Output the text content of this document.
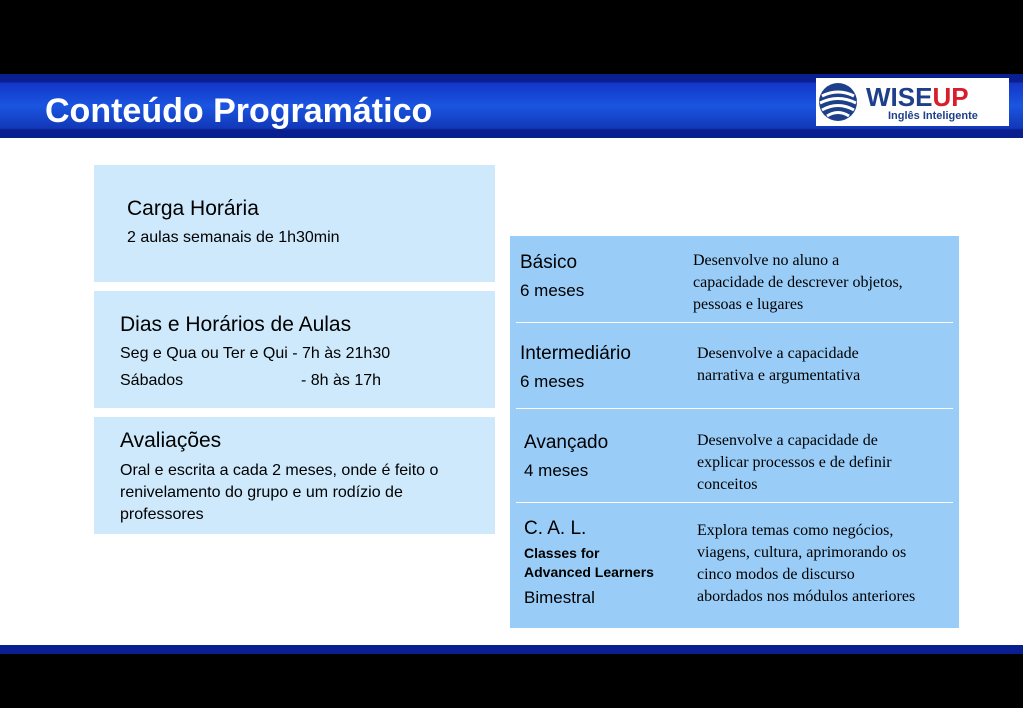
Conteúdo Programático	WISEUP
Inglês Inteligente
Carga Horária
2 aulas semanais de 1h30min
Dias e Horários de Aulas
Seg e Qua ou Ter e Qui - 7h às 21h30
Sábados	- 8h às 17h
Avaliações
Oral e escrita a cada 2 meses, onde é feito o
renivelamento do grupo e um rodízio de
professores
Básico
6 meses
Desenvolve no aluno a
capacidade de descrever objetos,
pessoas e lugares
Intermediário
6 meses
Desenvolve a capacidade
narrativa e argumentativa
Avançado
4 meses
Desenvolve a capacidade de
explicar processos e de definir
conceitos
C. A. L.
Classes for
Advanced Learners
Bimestral
Explora temas como negócios,
viagens, cultura, aprimorando os
cinco modos de discurso
abordados nos módulos anteriores
